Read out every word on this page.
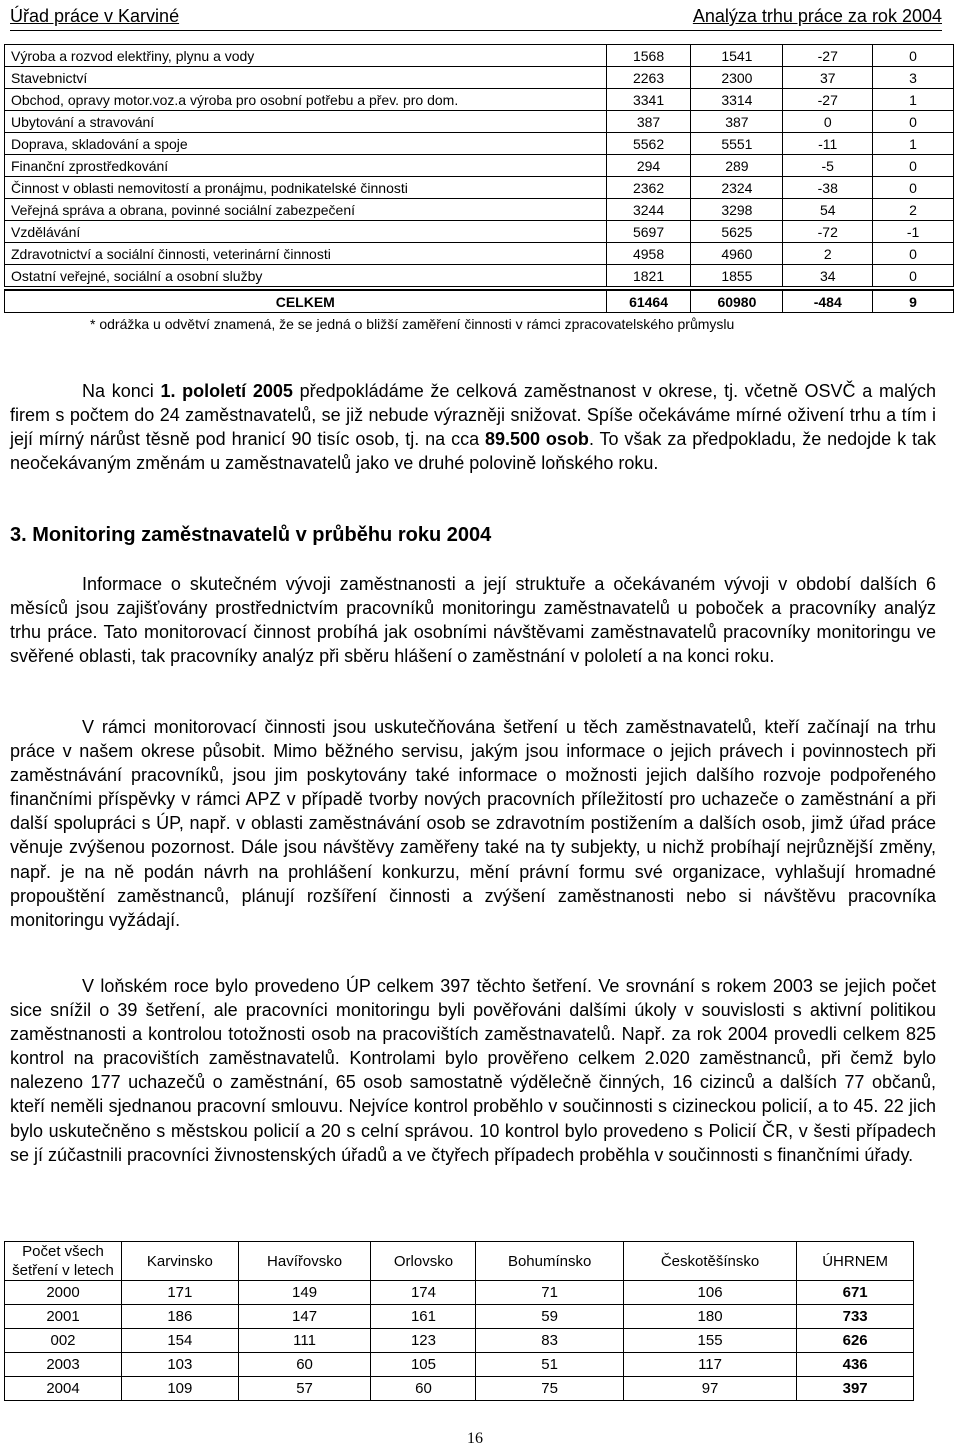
Úřad práce v Karviné	Analýza trhu práce za rok 2004
Výroba a rozvod elektřiny, plynu a vody	1568	1541	-27	0
Stavebnictví	2263	2300	37	3
Obchod, opravy motor.voz.a výroba pro osobní potřebu a přev. pro dom.	3341	3314	-27	1
Ubytování a stravování	387	387	0	0
Doprava, skladování a spoje	5562	5551	-11	1
Finanční zprostředkování	294	289	-5	0
Činnost v oblasti nemovitostí a pronájmu, podnikatelské činnosti	2362	2324	-38	0
Veřejná správa a obrana, povinné sociální zabezpečení	3244	3298	54	2
Vzdělávání	5697	5625	-72	-1
Zdravotnictví a sociální činnosti, veterinární činnosti	4958	4960	2	0
Ostatní veřejné, sociální a osobní služby	1821	1855	34	0

CELKEM	61464	60980	-484	9
* odrážka u odvětví znamená, že se jedná o bližší zaměření činnosti v rámci zpracovatelského průmyslu

Na konci 1. pololetí 2005 předpokládáme že celková zaměstnanost v okrese, tj. včetně OSVČ a malých firem s počtem do 24 zaměstnavatelů, se již nebude výrazněji snižovat. Spíše očekáváme mírné oživení trhu a tím i její mírný nárůst těsně pod hranicí 90 tisíc osob, tj. na cca 89.500 osob. To však za předpokladu, že nedojde k tak neočekávaným změnám u zaměstnavatelů jako ve druhé polovině loňského roku.

3. Monitoring zaměstnavatelů v průběhu roku 2004

Informace o skutečném vývoji zaměstnanosti a její struktuře a očekávaném vývoji v období dalších 6 měsíců jsou zajišťovány prostřednictvím pracovníků monitoringu zaměstnavatelů u poboček a pracovníky analýz trhu práce. Tato monitorovací činnost probíhá jak osobními návštěvami zaměstnavatelů pracovníky monitoringu ve svěřené oblasti, tak pracovníky analýz při sběru hlášení o zaměstnání v pololetí a na konci roku.

V rámci monitorovací činnosti jsou uskutečňována šetření u těch zaměstnavatelů, kteří začínají na trhu práce v našem okrese působit. Mimo běžného servisu, jakým jsou informace o jejich právech i povinnostech při zaměstnávání pracovníků, jsou jim poskytovány také informace o možnosti jejich dalšího rozvoje podpořeného finančními příspěvky v rámci APZ v případě tvorby nových pracovních příležitostí pro uchazeče o zaměstnání a při další spolupráci s ÚP, např. v oblasti zaměstnávání osob se zdravotním postižením a dalších osob, jimž úřad práce věnuje zvýšenou pozornost. Dále jsou návštěvy zaměřeny také na ty subjekty, u nichž probíhají nejrůznější změny, např. je na ně podán návrh na prohlášení konkurzu, mění právní formu své organizace, vyhlašují hromadné propouštění zaměstnanců, plánují rozšíření činnosti a zvýšení zaměstnanosti nebo si návštěvu pracovníka monitoringu vyžádají.

V loňském roce bylo provedeno ÚP celkem 397 těchto šetření. Ve srovnání s rokem 2003 se jejich počet sice snížil o 39 šetření, ale pracovníci monitoringu byli pověřováni dalšími úkoly v souvislosti s aktivní politikou zaměstnanosti a kontrolou totožnosti osob na pracovištích zaměstnavatelů. Např. za rok 2004 provedli celkem 825 kontrol na pracovištích zaměstnavatelů. Kontrolami bylo prověřeno celkem 2.020 zaměstnanců, při čemž bylo nalezeno 177 uchazečů o zaměstnání, 65 osob samostatně výdělečně činných, 16 cizinců a dalších 77 občanů, kteří neměli sjednanou pracovní smlouvu. Nejvíce kontrol proběhlo v součinnosti s cizineckou policií, a to 45. 22 jich bylo uskutečněno s městskou policií a 20 s celní správou. 10 kontrol bylo provedeno s Policií ČR, v šesti případech se jí zúčastnili pracovníci živnostenských úřadů a ve čtyřech případech proběhla v součinnosti s finančními úřady.

Počet všech šetření v letech	Karvinsko	Havířovsko	Orlovsko	Bohumínsko	Českotěšínsko	ÚHRNEM
2000	171	149	174	71	106	671
2001	186	147	161	59	180	733
002	154	111	123	83	155	626
2003	103	60	105	51	117	436
2004	109	57	60	75	97	397
16
